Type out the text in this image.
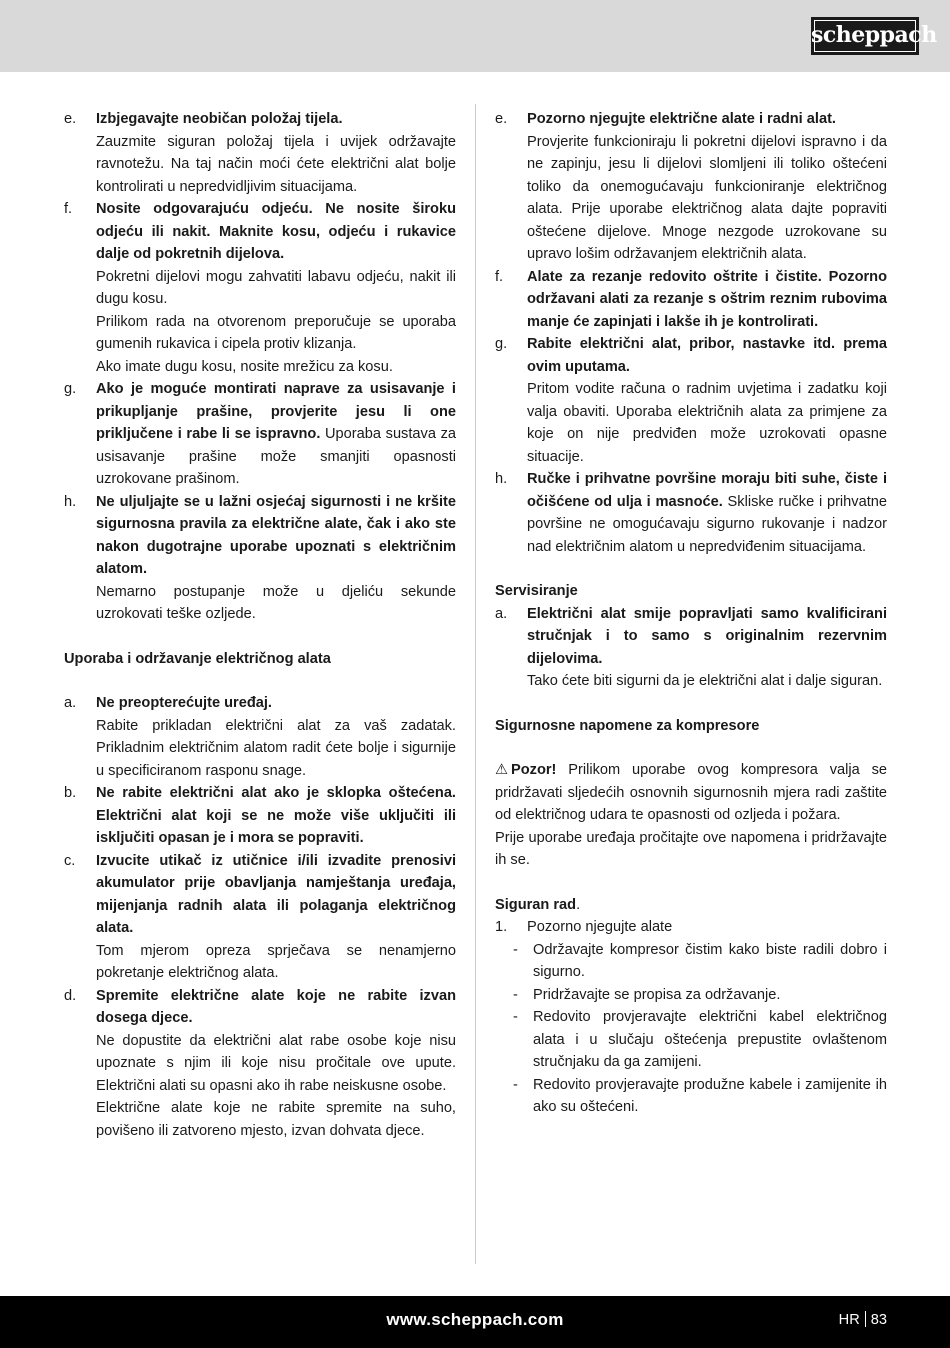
scheppach
e.	Izbjegavajte neobičan položaj tijela.
Zauzmite siguran položaj tijela i uvijek održavajte ravnotežu. Na taj način moći ćete električni alat bolje kontrolirati u nepredvidljivim situacijama.
f.	Nosite odgovarajuću odjeću. Ne nosite široku odjeću ili nakit. Maknite kosu, odjeću i rukavice dalje od pokretnih dijelova.
Pokretni dijelovi mogu zahvatiti labavu odjeću, nakit ili dugu kosu.
Prilikom rada na otvorenom preporučuje se uporaba gumenih rukavica i cipela protiv klizanja.
Ako imate dugu kosu, nosite mrežicu za kosu.
g.	Ako je moguće montirati naprave za usisavanje i prikupljanje prašine, provjerite jesu li one priključene i rabe li se ispravno. Uporaba sustava za usisavanje prašine može smanjiti opasnosti uzrokovane prašinom.
h.	Ne uljuljajte se u lažni osjećaj sigurnosti i ne kršite sigurnosna pravila za električne alate, čak i ako ste nakon dugotrajne uporabe upoznati s električnim alatom.
Nemarno postupanje može u djeliću sekunde uzrokovati teške ozljede.
Uporaba i održavanje električnog alata
a.	Ne preopterećujte uređaj.
Rabite prikladan električni alat za vaš zadatak. Prikladnim električnim alatom radit ćete bolje i sigurnije u specificiranom rasponu snage.
b.	Ne rabite električni alat ako je sklopka oštećena. Električni alat koji se ne može više uključiti ili isključiti opasan je i mora se popraviti.
c.	Izvucite utikač iz utičnice i/ili izvadite prenosivi akumulator prije obavljanja namještanja uređaja, mijenjanja radnih alata ili polaganja električnog alata.
Tom mjerom opreza sprječava se nenamjerno pokretanje električnog alata.
d.	Spremite električne alate koje ne rabite izvan dosega djece.
Ne dopustite da električni alat rabe osobe koje nisu upoznate s njim ili koje nisu pročitale ove upute. Električni alati su opasni ako ih rabe neiskusne osobe.
Električne alate koje ne rabite spremite na suho, povišeno ili zatvoreno mjesto, izvan dohvata djece.
e.	Pozorno njegujte električne alate i radni alat.
Provjerite funkcioniraju li pokretni dijelovi ispravno i da ne zapinju, jesu li dijelovi slomljeni ili toliko oštećeni toliko da onemogućavaju funkcioniranje električnog alata. Prije uporabe električnog alata dajte popraviti oštećene dijelove. Mnoge nezgode uzrokovane su upravo lošim održavanjem električnih alata.
f.	Alate za rezanje redovito oštrite i čistite. Pozorno održavani alati za rezanje s oštrim reznim rubovima manje će zapinjati i lakše ih je kontrolirati.
g.	Rabite električni alat, pribor, nastavke itd. prema ovim uputama.
Pritom vodite računa o radnim uvjetima i zadatku koji valja obaviti. Uporaba električnih alata za primjene za koje on nije predviđen može uzrokovati opasne situacije.
h.	Ručke i prihvatne površine moraju biti suhe, čiste i očišćene od ulja i masnoće. Skliske ručke i prihvatne površine ne omogućavaju sigurno rukovanje i nadzor nad električnim alatom u nepredviđenim situacijama.
Servisiranje
a.	Električni alat smije popravljati samo kvalificirani stručnjak i to samo s originalnim rezervnim dijelovima.
Tako ćete biti sigurni da je električni alat i dalje siguran.
Sigurnosne napomene za kompresore
⚠ Pozor! Prilikom uporabe ovog kompresora valja se pridržavati sljedećih osnovnih sigurnosnih mjera radi zaštite od električnog udara te opasnosti od ozljeda i požara.
Prije uporabe uređaja pročitajte ove napomena i pridržavajte ih se.
Siguran rad.
1.	Pozorno njegujte alate
-	Održavajte kompresor čistim kako biste radili dobro i sigurno.
-	Pridržavajte se propisa za održavanje.
-	Redovito provjeravajte električni kabel električnog alata i u slučaju oštećenja prepustite ovlaštenom stručnjaku da ga zamijeni.
-	Redovito provjeravajte produžne kabele i zamijenite ih ako su oštećeni.
www.scheppach.com	HR 83
